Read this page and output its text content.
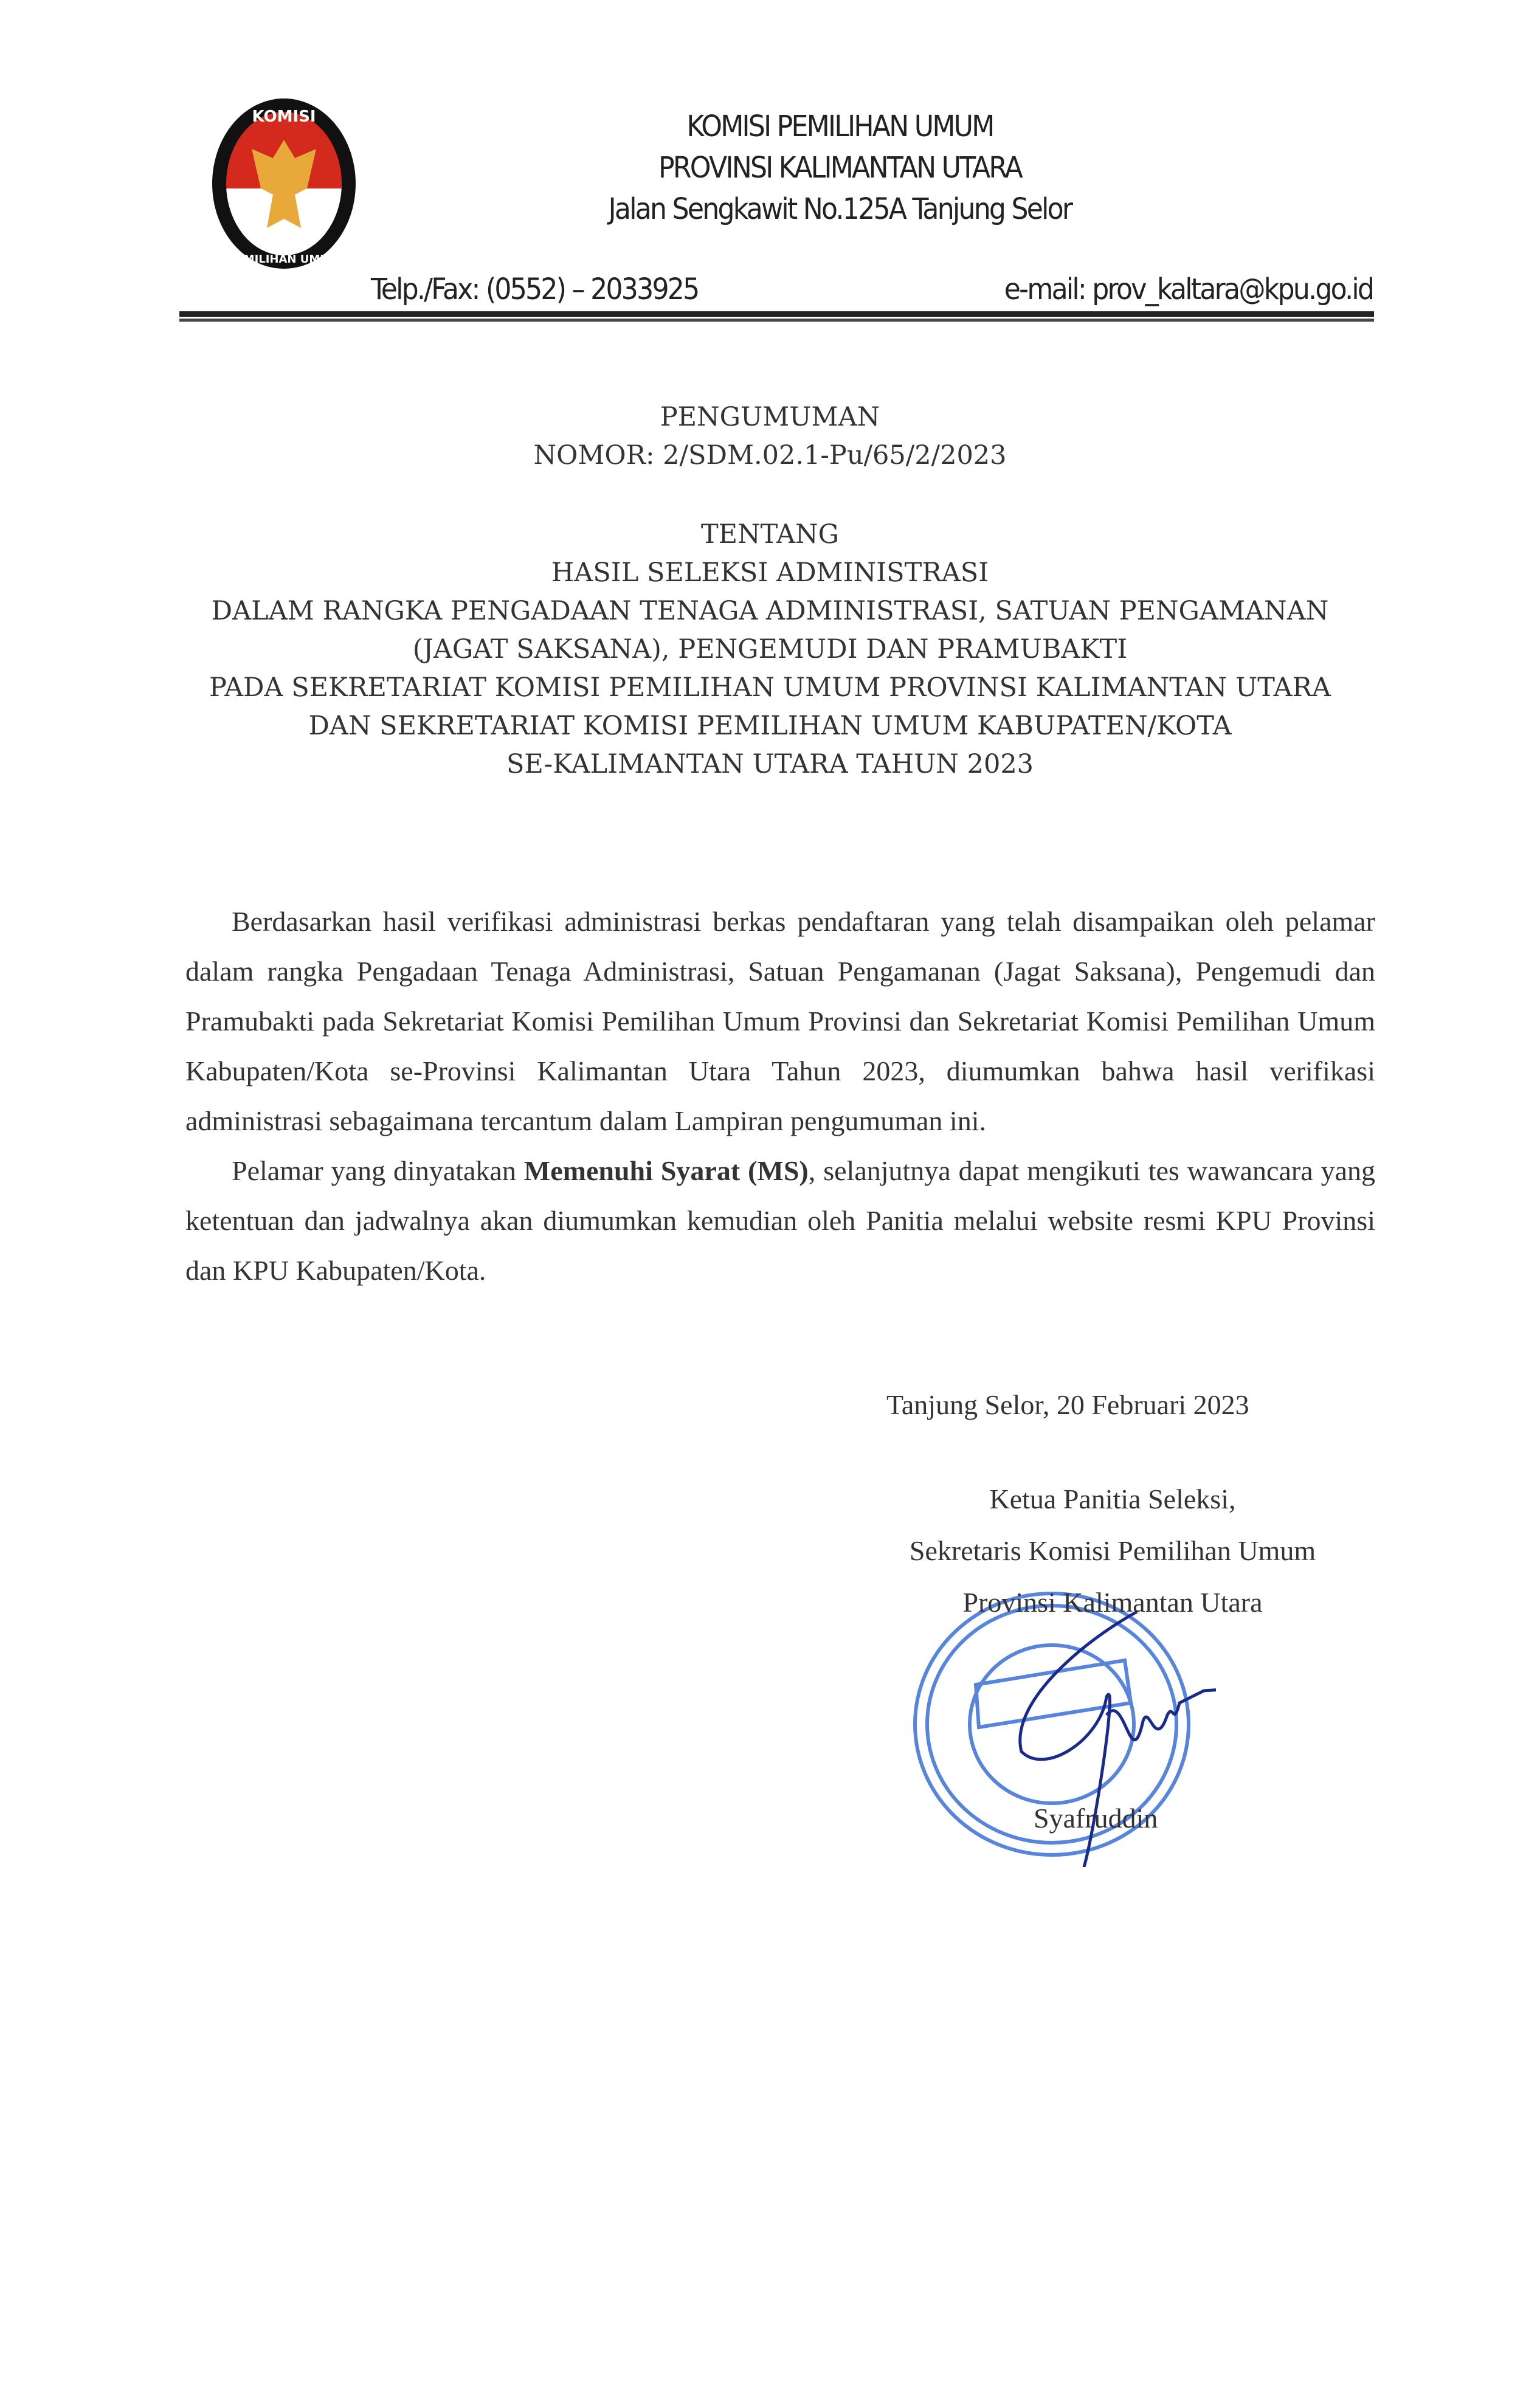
KOMISI
PEMILIHAN UMUM
KOMISI PEMILIHAN UMUM
PROVINSI KALIMANTAN UTARA
Jalan Sengkawit No.125A Tanjung Selor
Telp./Fax: (0552) – 2033925	e-mail: prov_kaltara@kpu.go.id
PENGUMUMAN
NOMOR: 2/SDM.02.1-Pu/65/2/2023
TENTANG
HASIL SELEKSI ADMINISTRASI
DALAM RANGKA PENGADAAN TENAGA ADMINISTRASI, SATUAN PENGAMANAN
(JAGAT SAKSANA), PENGEMUDI DAN PRAMUBAKTI
PADA SEKRETARIAT KOMISI PEMILIHAN UMUM PROVINSI KALIMANTAN UTARA
DAN SEKRETARIAT KOMISI PEMILIHAN UMUM KABUPATEN/KOTA
SE-KALIMANTAN UTARA TAHUN 2023

Berdasarkan hasil verifikasi administrasi berkas pendaftaran yang telah disampaikan oleh pelamar dalam rangka Pengadaan Tenaga Administrasi, Satuan Pengamanan (Jagat Saksana), Pengemudi dan Pramubakti pada Sekretariat Komisi Pemilihan Umum Provinsi dan Sekretariat Komisi Pemilihan Umum Kabupaten/Kota se-Provinsi Kalimantan Utara Tahun 2023, diumumkan bahwa hasil verifikasi administrasi sebagaimana tercantum dalam Lampiran pengumuman ini.

Pelamar yang dinyatakan Memenuhi Syarat (MS), selanjutnya dapat mengikuti tes wawancara yang ketentuan dan jadwalnya akan diumumkan kemudian oleh Panitia melalui website resmi KPU Provinsi dan KPU Kabupaten/Kota.

Tanjung Selor, 20 Februari 2023
Ketua Panitia Seleksi,
Sekretaris Komisi Pemilihan Umum
Provinsi Kalimantan Utara
Syafruddin
